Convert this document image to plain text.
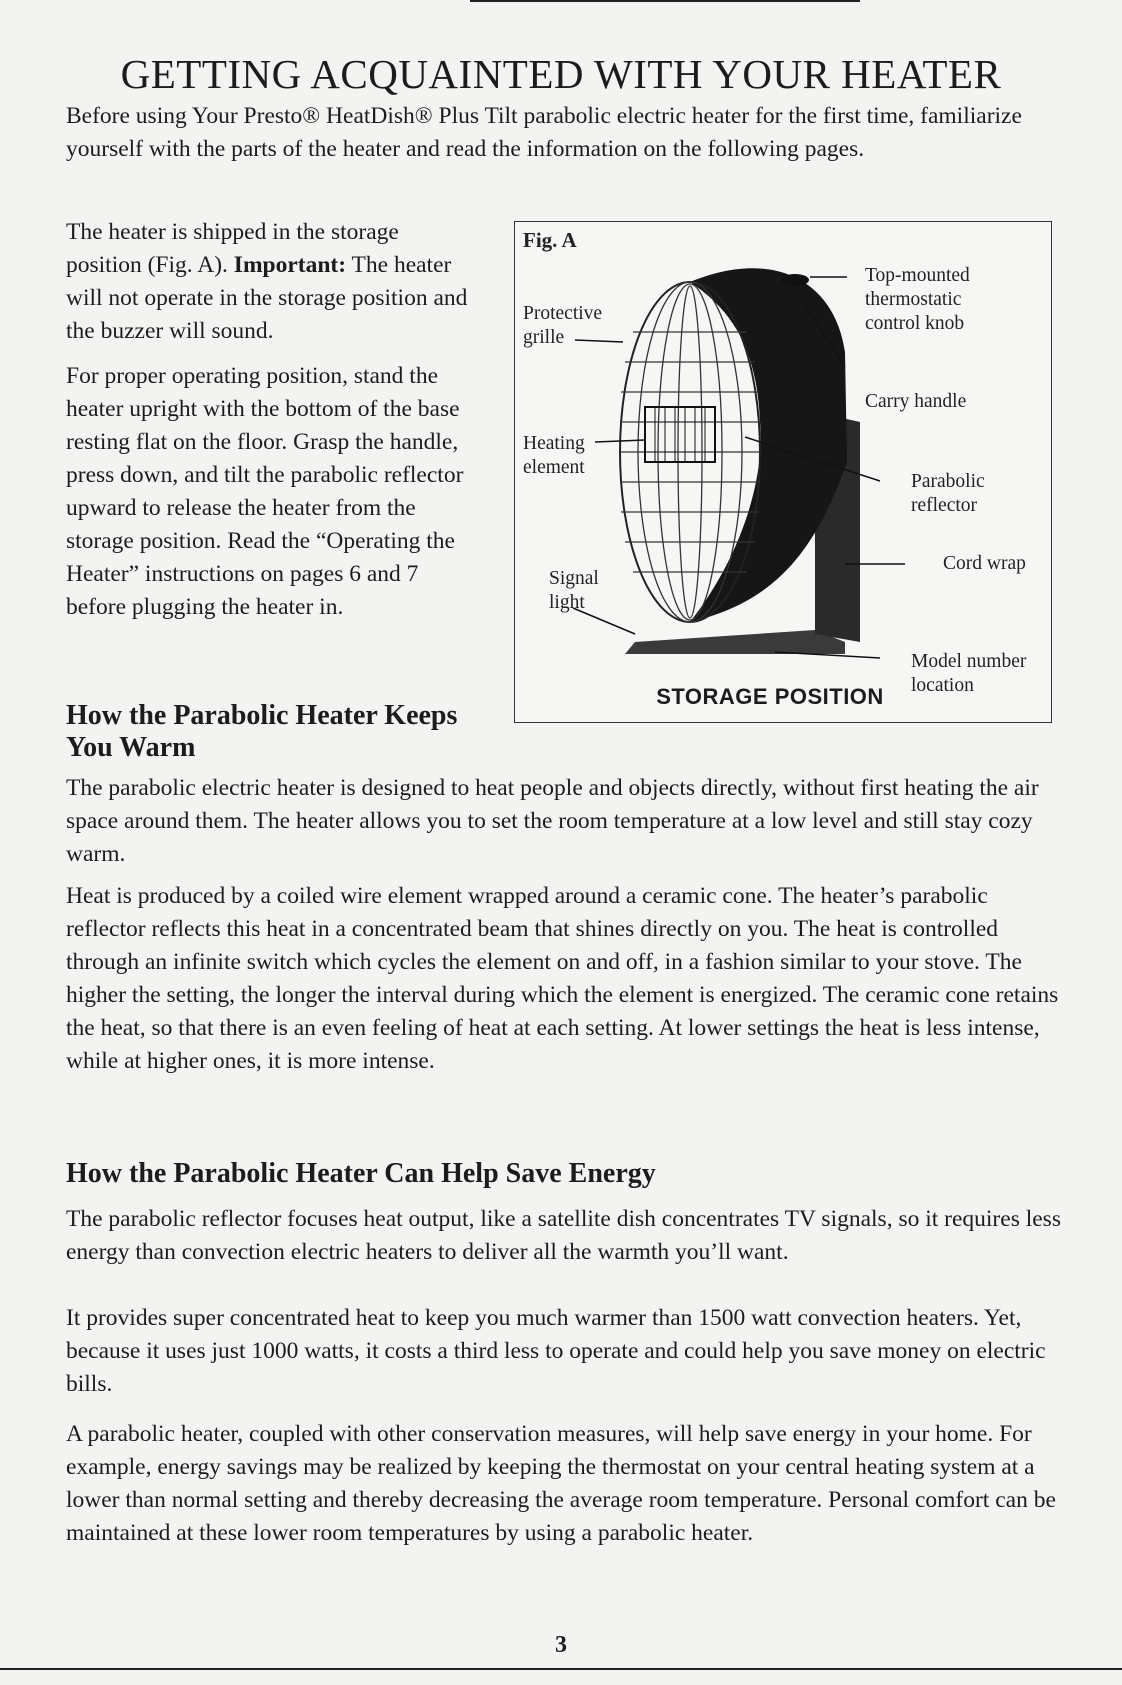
GETTING ACQUAINTED WITH YOUR HEATER

Before using Your Presto® HeatDish® Plus Tilt parabolic electric heater for the first time, familiarize yourself with the parts of the heater and read the information on the following pages.

The heater is shipped in the storage position (Fig. A). Important: The heater will not operate in the storage position and the buzzer will sound.

For proper operating position, stand the heater upright with the bottom of the base resting flat on the floor. Grasp the handle, press down, and tilt the parabolic reflector upward to release the heater from the storage position. Read the “Operating the Heater” instructions on pages 6 and 7 before plugging the heater in.

Fig. A
Protective
grille
Heating
element
Signal
light
Top-mounted
thermostatic
control knob
Carry handle
Parabolic
reflector
Cord wrap
Model number
location
STORAGE POSITION
How the Parabolic Heater Keeps You Warm

The parabolic electric heater is designed to heat people and objects directly, without first heating the air space around them. The heater allows you to set the room temperature at a low level and still stay cozy warm.

Heat is produced by a coiled wire element wrapped around a ceramic cone. The heater’s parabolic reflector reflects this heat in a concentrated beam that shines directly on you. The heat is controlled through an infinite switch which cycles the element on and off, in a fashion similar to your stove. The higher the setting, the longer the interval during which the element is energized. The ceramic cone retains the heat, so that there is an even feeling of heat at each setting. At lower settings the heat is less intense, while at higher ones, it is more intense.

How the Parabolic Heater Can Help Save Energy

The parabolic reflector focuses heat output, like a satellite dish concentrates TV signals, so it requires less energy than convection electric heaters to deliver all the warmth you’ll want.

It provides super concentrated heat to keep you much warmer than 1500 watt convection heaters. Yet, because it uses just 1000 watts, it costs a third less to operate and could help you save money on electric bills.

A parabolic heater, coupled with other conservation measures, will help save energy in your home. For example, energy savings may be realized by keeping the thermostat on your central heating system at a lower than normal setting and thereby decreasing the average room temperature. Personal comfort can be maintained at these lower room temperatures by using a parabolic heater.

3
